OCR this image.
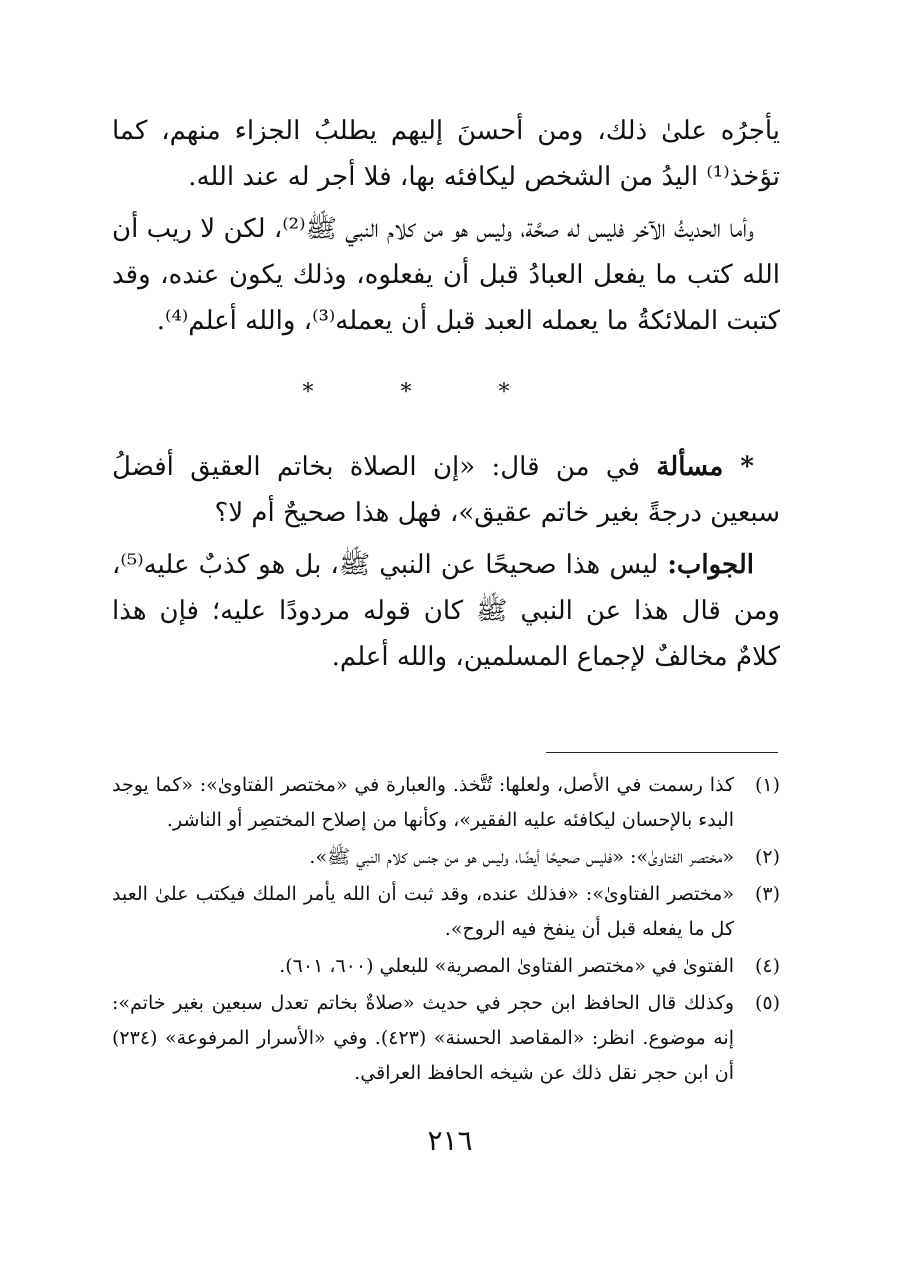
يأجرُه علىٰ ذلك، ومن أحسنَ إليهم يطلبُ الجزاء منهم، كما تؤخذ⁽¹⁾ اليدُ من الشخص ليكافئه بها، فلا أجر له عند الله.

وأما الحديثُ الآخر فليس له صحَّة، وليس هو من كلام النبي ﷺ⁽²⁾، لكن لا ريب أن الله كتب ما يفعل العبادُ قبل أن يفعلوه، وذلك يكون عنده، وقد كتبت الملائكةُ ما يعمله العبد قبل أن يعمله⁽³⁾، والله أعلم⁽⁴⁾.

* * *

* مسألة في من قال: «إن الصلاة بخاتم العقيق أفضلُ سبعين درجةً بغير خاتم عقيق»، فهل هذا صحيحٌ أم لا؟

الجواب: ليس هذا صحيحًا عن النبي ﷺ، بل هو كذبٌ عليه⁽⁵⁾، ومن قال هذا عن النبي ﷺ كان قوله مردودًا عليه؛ فإن هذا كلامٌ مخالفٌ لإجماع المسلمين، والله أعلم.

(١)
كذا رسمت في الأصل، ولعلها: تُتَّخذ. والعبارة في «مختصر الفتاوىٰ»: «كما يوجد البدء بالإحسان ليكافئه عليه الفقير»، وكأنها من إصلاح المختصِر أو الناشر.
(٢)
«مختصر الفتاوىٰ»: «فليس صحيحًا أيضًا، وليس هو من جنس كلام النبي ﷺ».
(٣)
«مختصر الفتاوىٰ»: «فذلك عنده، وقد ثبت أن الله يأمر الملك فيكتب علىٰ العبد كل ما يفعله قبل أن ينفخ فيه الروح».
(٤)
الفتوىٰ في «مختصر الفتاوىٰ المصرية» للبعلي (٦٠٠، ٦٠١).
(٥)
وكذلك قال الحافظ ابن حجر في حديث «صلاةٌ بخاتم تعدل سبعين بغير خاتم»: إنه موضوع. انظر: «المقاصد الحسنة» (٤٢٣). وفي «الأسرار المرفوعة» (٢٣٤) أن ابن حجر نقل ذلك عن شيخه الحافظ العراقي.
٢١٦
